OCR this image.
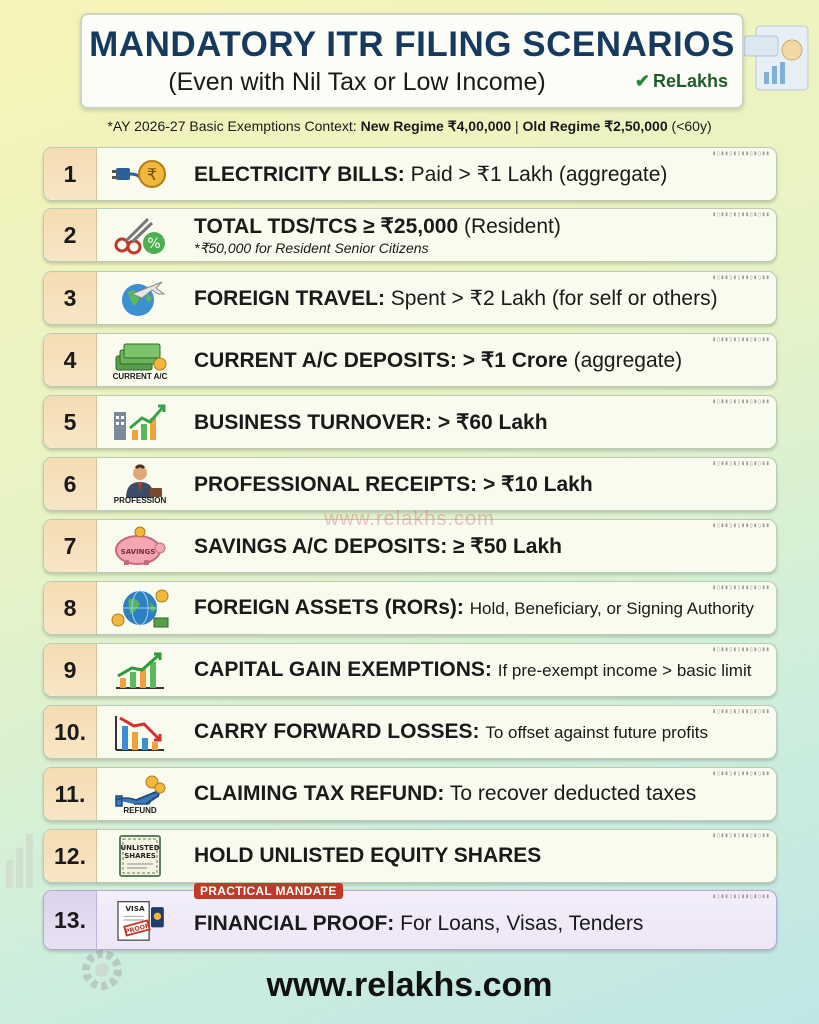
MANDATORY ITR FILING SCENARIOS
(Even with Nil Tax or Low Income)	✔ ReLakhs
*AY 2026-27 Basic Exemptions Context: New Regime ₹4,00,000 | Old Regime ₹2,50,000 (<60y)
1	₹ ELECTRICITY BILLS: Paid > ₹1 Lakh (aggregate)
▮▯▮▮▯▮▯▮▮▯▮▯▮▮
2	%
TOTAL TDS/TCS ≥ ₹25,000 (Resident)
*₹50,000 for Resident Senior Citizens
▮▯▮▮▯▮▯▮▮▯▮▯▮▮
3	FOREIGN TRAVEL: Spent > ₹2 Lakh (for self or others)
▮▯▮▮▯▮▯▮▮▯▮▯▮▮
4
CURRENT A/C
CURRENT A/C DEPOSITS: > ₹1 Crore (aggregate)
▮▯▮▮▯▮▯▮▮▯▮▯▮▮
5	BUSINESS TURNOVER: > ₹60 Lakh
▮▯▮▮▯▮▯▮▮▯▮▯▮▮
6
PROFESSION
PROFESSIONAL RECEIPTS: > ₹10 Lakh
▮▯▮▮▯▮▯▮▮▯▮▯▮▮
7	SAVINGS SAVINGS A/C DEPOSITS: ≥ ₹50 Lakh
▮▯▮▮▯▮▯▮▮▯▮▯▮▮
8	FOREIGN ASSETS (RORs): Hold, Beneficiary, or Signing Authority
▮▯▮▮▯▮▯▮▮▯▮▯▮▮
9	CAPITAL GAIN EXEMPTIONS: If pre-exempt income > basic limit
▮▯▮▮▯▮▯▮▮▯▮▯▮▮
10.	CARRY FORWARD LOSSES: To offset against future profits
▮▯▮▮▯▮▯▮▮▯▮▯▮▮
11.
REFUND
CLAIMING TAX REFUND: To recover deducted taxes
▮▯▮▮▯▮▯▮▮▯▮▯▮▮
12.	UNLISTED
SHARES HOLD UNLISTED EQUITY SHARES
▮▯▮▮▯▮▯▮▮▯▮▯▮▮
13.	VISA
PROOF
PRACTICAL MANDATE
FINANCIAL PROOF: For Loans, Visas, Tenders
▮▯▮▮▯▮▯▮▮▯▮▯▮▮
www.relakhs.com
www.relakhs.com
